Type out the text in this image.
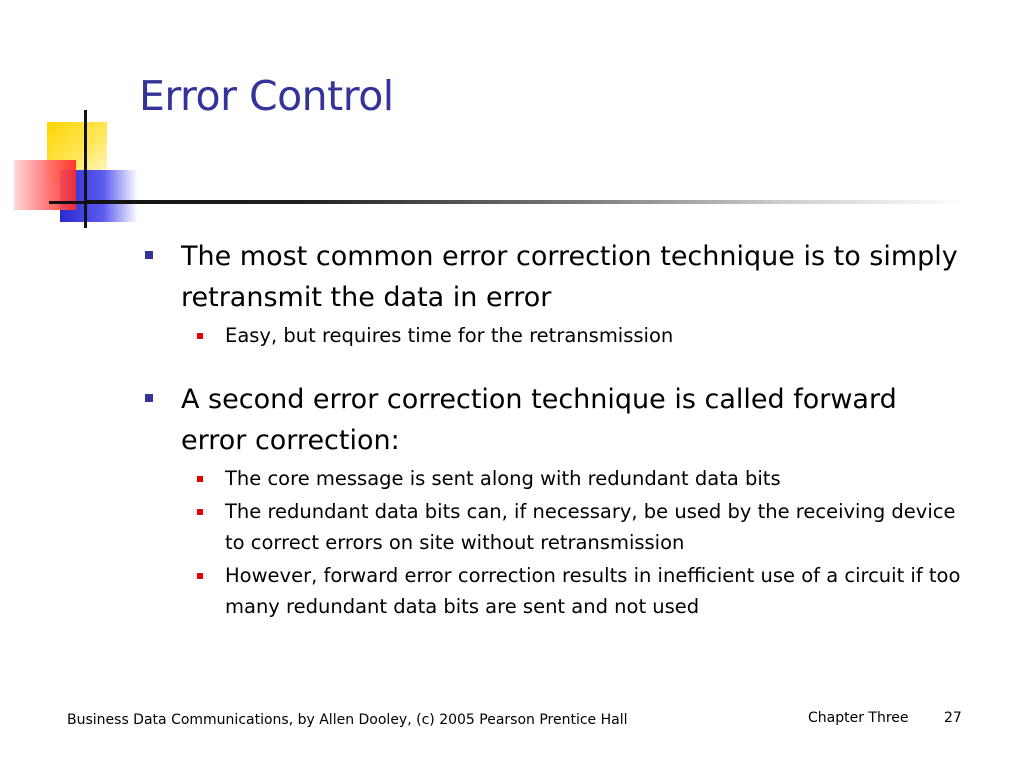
Error Control
The most common error correction technique is to simply retransmit the data in error
Easy, but requires time for the retransmission
A second error correction technique is called forward error correction:
The core message is sent along with redundant data bits
The redundant data bits can, if necessary, be used by the receiving device to correct errors on site without retransmission
However, forward error correction results in inefficient use of a circuit if too many redundant data bits are sent and not used
Business Data Communications, by Allen Dooley, (c) 2005 Pearson Prentice Hall	Chapter Three	27
